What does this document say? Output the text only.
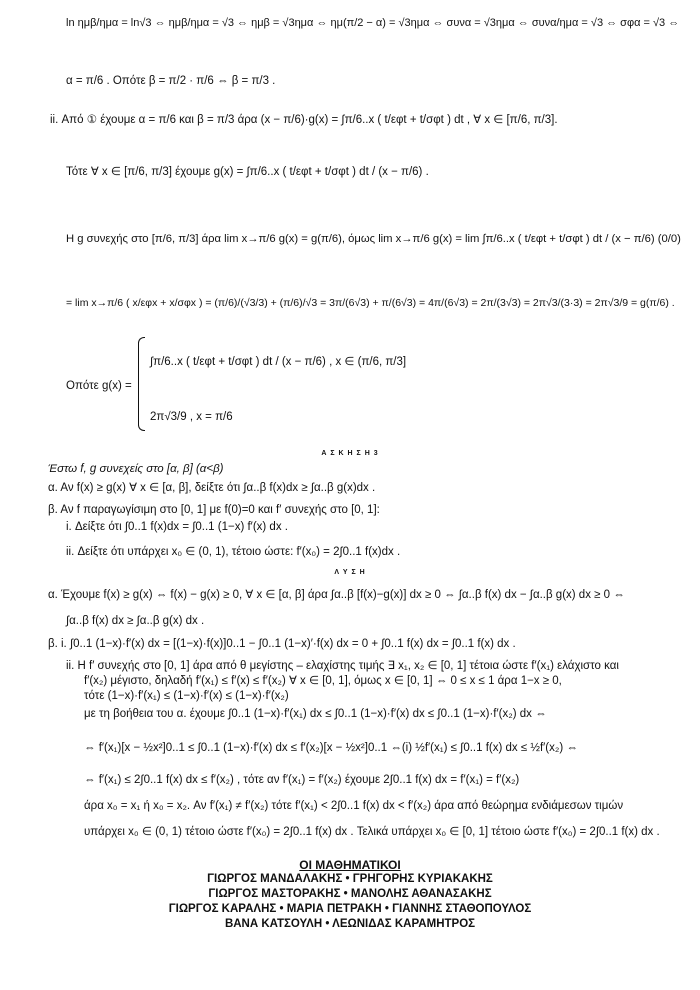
ln ημβ/ημα = ln√3 ⇔ ημβ/ημα = √3 ⇔ ημβ = √3ημα ⇔ ημ(π/2 − α) = √3ημα ⇔ συνα = √3ημα ⇔ συνα/ημα = √3 ⇔ σφα = √3 ⇔
α = π/6 . Οπότε β = π/2 · π/6 ⇔ β = π/3 .
ii. Από ① έχουμε α = π/6 και β = π/3 άρα (x − π/6)·g(x) = ∫π/6..x ( t/εφt + t/σφt ) dt , ∀ x ∈ [π/6, π/3].
Τότε ∀ x ∈ [π/6, π/3] έχουμε g(x) = ∫π/6..x ( t/εφt + t/σφt ) dt / (x − π/6) .
Η g συνεχής στο [π/6, π/3] άρα lim x→π/6 g(x) = g(π/6), όμως lim x→π/6 g(x) = lim ∫π/6..x ( t/εφt + t/σφt ) dt / (x − π/6) (0/0)
= lim x→π/6 ( x/εφx + x/σφx ) = (π/6)/(√3/3) + (π/6)/√3 = 3π/(6√3) + π/(6√3) = 4π/(6√3) = 2π/(3√3) = 2π√3/(3·3) = 2π√3/9 = g(π/6) .
Οπότε g(x) =
∫π/6..x ( t/εφt + t/σφt ) dt / (x − π/6) , x ∈ (π/6, π/3]
2π√3/9 , x = π/6
Α Σ Κ Η Σ Η 3
Έστω f, g συνεχείς στο [α, β] (α<β)
α. Αν f(x) ≥ g(x) ∀ x ∈ [α, β], δείξτε ότι ∫α..β f(x)dx ≥ ∫α..β g(x)dx .
β. Αν f παραγωγίσιμη στο [0, 1] με f(0)=0 και f′ συνεχής στο [0, 1]:
i. Δείξτε ότι ∫0..1 f(x)dx = ∫0..1 (1−x) f′(x) dx .
ii. Δείξτε ότι υπάρχει x₀ ∈ (0, 1), τέτοιο ώστε: f′(x₀) = 2∫0..1 f(x)dx .
Λ Υ Σ Η
α. Έχουμε f(x) ≥ g(x) ⇔ f(x) − g(x) ≥ 0, ∀ x ∈ [α, β] άρα ∫α..β [f(x)−g(x)] dx ≥ 0 ⇔ ∫α..β f(x) dx − ∫α..β g(x) dx ≥ 0 ⇔
∫α..β f(x) dx ≥ ∫α..β g(x) dx .
β. i. ∫0..1 (1−x)·f′(x) dx = [(1−x)·f(x)]0..1 − ∫0..1 (1−x)′·f(x) dx = 0 + ∫0..1 f(x) dx = ∫0..1 f(x) dx .
ii. Η f′ συνεχής στο [0, 1] άρα από θ μεγίστης – ελαχίστης τιμής ∃ x₁, x₂ ∈ [0, 1] τέτοια ώστε f′(x₁) ελάχιστο και
f′(x₂) μέγιστο, δηλαδή f′(x₁) ≤ f′(x) ≤ f′(x₂) ∀ x ∈ [0, 1], όμως x ∈ [0, 1] ⇔ 0 ≤ x ≤ 1 άρα 1−x ≥ 0,
τότε (1−x)·f′(x₁) ≤ (1−x)·f′(x) ≤ (1−x)·f′(x₂)
με τη βοήθεια του α. έχουμε ∫0..1 (1−x)·f′(x₁) dx ≤ ∫0..1 (1−x)·f′(x) dx ≤ ∫0..1 (1−x)·f′(x₂) dx ⇔
⇔ f′(x₁)[x − ½x²]0..1 ≤ ∫0..1 (1−x)·f′(x) dx ≤ f′(x₂)[x − ½x²]0..1 ⇔(i) ½f′(x₁) ≤ ∫0..1 f(x) dx ≤ ½f′(x₂) ⇔
⇔ f′(x₁) ≤ 2∫0..1 f(x) dx ≤ f′(x₂) , τότε αν f′(x₁) = f′(x₂) έχουμε 2∫0..1 f(x) dx = f′(x₁) = f′(x₂)
άρα x₀ = x₁ ή x₀ = x₂. Αν f′(x₁) ≠ f′(x₂) τότε f′(x₁) < 2∫0..1 f(x) dx < f′(x₂) άρα από θεώρημα ενδιάμεσων τιμών
υπάρχει x₀ ∈ (0, 1) τέτοιο ώστε f′(x₀) = 2∫0..1 f(x) dx . Τελικά υπάρχει x₀ ∈ [0, 1] τέτοιο ώστε f′(x₀) = 2∫0..1 f(x) dx .
ΟΙ ΜΑΘΗΜΑΤΙΚΟΙ
ΓΙΩΡΓΟΣ ΜΑΝΔΑΛΑΚΗΣ • ΓΡΗΓΟΡΗΣ ΚΥΡΙΑΚΑΚΗΣ
ΓΙΩΡΓΟΣ ΜΑΣΤΟΡΑΚΗΣ • ΜΑΝΟΛΗΣ ΑΘΑΝΑΣΑΚΗΣ
ΓΙΩΡΓΟΣ ΚΑΡΑΛΗΣ • ΜΑΡΙΑ ΠΕΤΡΑΚΗ • ΓΙΑΝΝΗΣ ΣΤΑΘΟΠΟΥΛΟΣ
ΒΑΝΑ ΚΑΤΣΟΥΛΗ • ΛΕΩΝΙΔΑΣ ΚΑΡΑΜΗΤΡΟΣ
